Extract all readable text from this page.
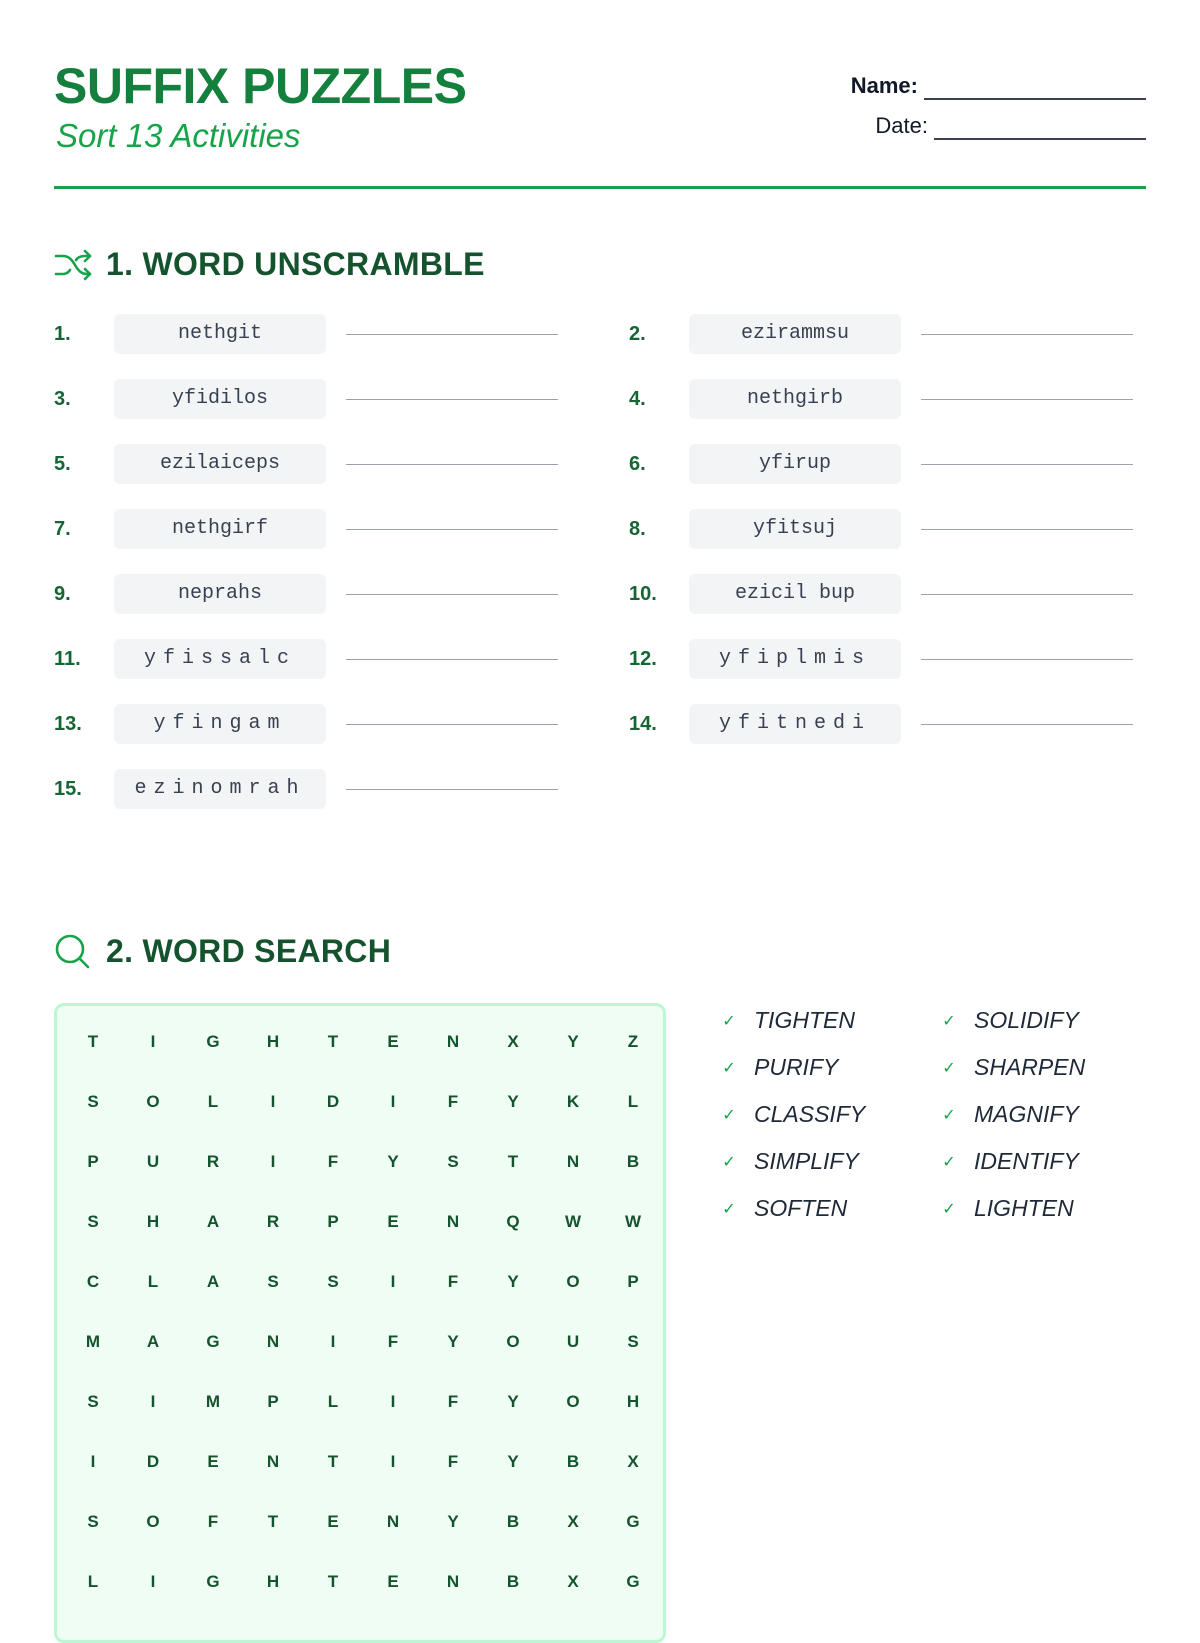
SUFFIX PUZZLES
Sort 13 Activities
Name:
Date:
1. WORD UNSCRAMBLE
1.	nethgit	2.	ezirammsu
3.	yfidilos	4.	nethgirb
5.	ezilaiceps	6.	yfirup
7.	nethgirf	8.	yfitsuj
9.	neprahs	10.	ezicil bup
11.	yfissalc	12.	yfiplmis
13.	yfingam	14.	yfitnedi
15.	ezinomrah
2. WORD SEARCH
T	I	G	H	T	E	N	X	Y	Z
S	O	L	I	D	I	F	Y	K	L
P	U	R	I	F	Y	S	T	N	B
S	H	A	R	P	E	N	Q	W	W
C	L	A	S	S	I	F	Y	O	P
M	A	G	N	I	F	Y	O	U	S
S	I	M	P	L	I	F	Y	O	H
I	D	E	N	T	I	F	Y	B	X
S	O	F	T	E	N	Y	B	X	G
L	I	G	H	T	E	N	B	X	G
✓ TIGHTEN	✓ SOLIDIFY
✓ PURIFY	✓ SHARPEN
✓ CLASSIFY	✓ MAGNIFY
✓ SIMPLIFY	✓ IDENTIFY
✓ SOFTEN	✓ LIGHTEN
